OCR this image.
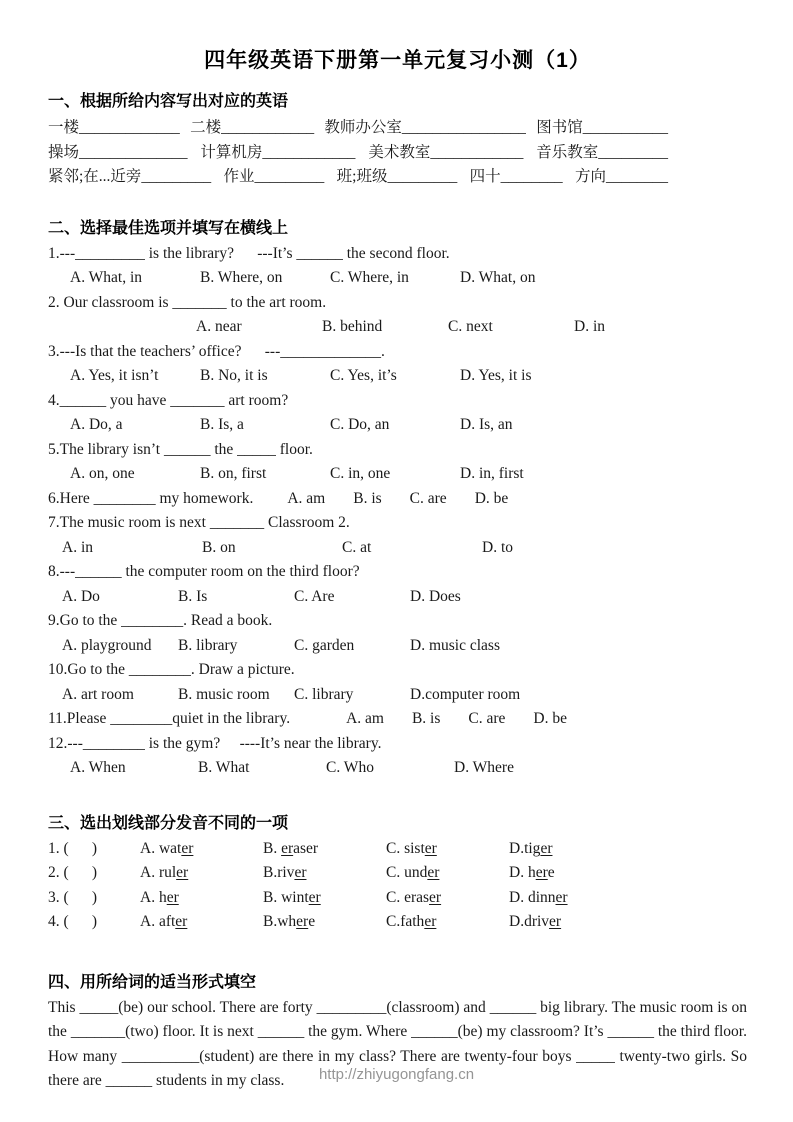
四年级英语下册第一单元复习小测（1）
一、根据所给内容写出对应的英语
一楼_____________ 二楼____________ 教师办公室________________ 图书馆___________
操场______________ 计算机房____________ 美术教室____________ 音乐教室_________
紧邻;在...近旁_________ 作业_________ 班;班级_________ 四十________ 方向________
二、选择最佳选项并填写在横线上
1.---_________ is the library?      ---It’s ______ the second floor.
A. What, in	B. Where, on	C. Where, in	D. What, on
2. Our classroom is _______ to the art room.
A. near	B. behind	C. next	D. in
3.---Is that the teachers’ office?      ---_____________.
A. Yes, it isn’t	B. No, it is	C. Yes, it’s	D. Yes, it is
4.______ you have _______ art room?
A. Do, a	B. Is, a	C. Do, an	D. Is, an
5.The library isn’t ______ the _____ floor.
A. on, one	B. on, first	C. in, one	D. in, first
6.Here ________ my homework. A. am B. is C. are D. be
7.The music room is next _______ Classroom 2.
A. in	B. on	C. at	D. to
8.---______ the computer room on the third floor?
A. Do	B. Is	C. Are	D. Does
9.Go to the ________. Read a book.
A. playground	B. library	C. garden	D. music class
10.Go to the ________. Draw a picture.
A. art room	B. music room	C. library	D.computer room
11.Please ________quiet in the library.	A. am B. is C. are D. be
12.---________ is the gym?     ----It’s near the library.
A. When	B. What	C. Who	D. Where
三、选出划线部分发音不同的一项
1. (      )	A. water	B. eraser	C. sister	D.tiger
2. (      )	A. ruler	B.river	C. under	D. here
3. (      )	A. her	B. winter	C. eraser	D. dinner
4. (      )	A. after	B.where	C.father	D.driver
四、用所给词的适当形式填空
This _____(be) our school. There are forty _________(classroom) and ______ big library. The music room is on the _______(two) floor. It is next ______ the gym. Where ______(be) my classroom? It’s ______ the third floor. How many __________(student) are there in my class? There are twenty-four boys _____ twenty-two girls. So there are ______ students in my class.	http://zhiyugongfang.cn
